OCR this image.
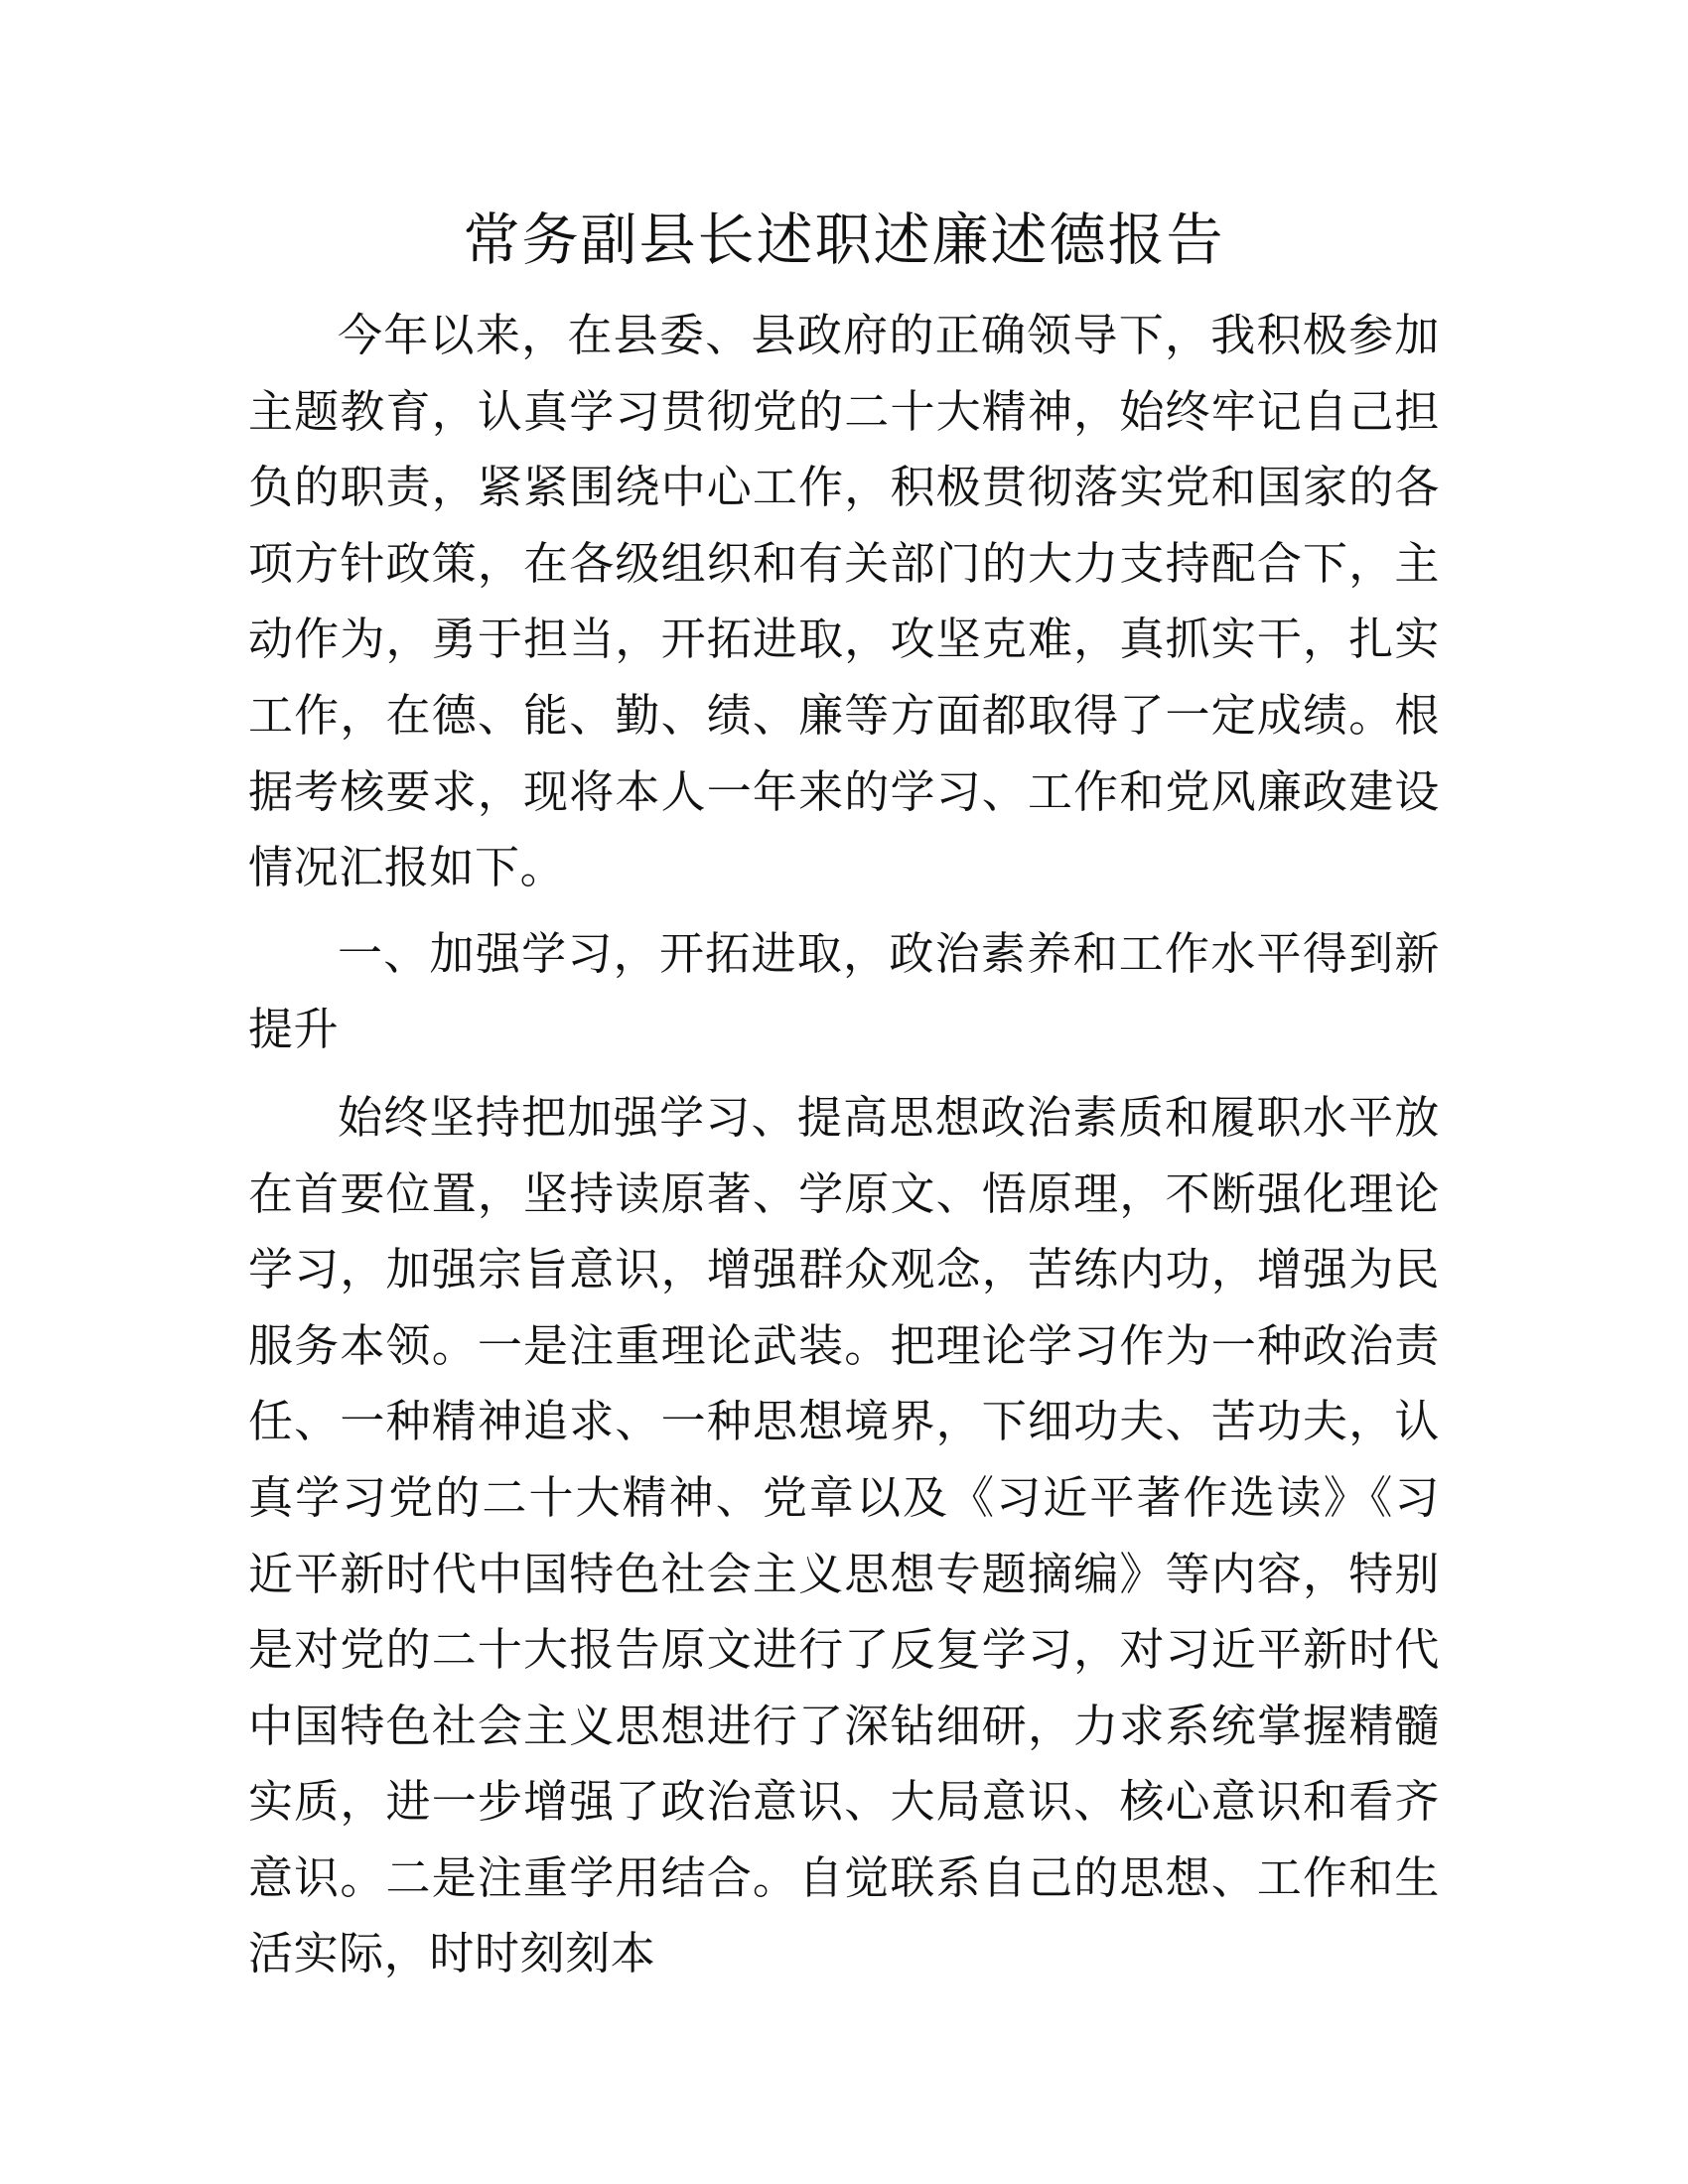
常务副县长述职述廉述德报告

今年以来，在县委、县政府的正确领导下，我积极参加主题教育，认真学习贯彻党的二十大精神，始终牢记自己担负的职责，紧紧围绕中心工作，积极贯彻落实党和国家的各项方针政策，在各级组织和有关部门的大力支持配合下，主动作为，勇于担当，开拓进取，攻坚克难，真抓实干，扎实工作，在德、能、勤、绩、廉等方面都取得了一定成绩。根据考核要求，现将本人一年来的学习、工作和党风廉政建设情况汇报如下。

一、加强学习，开拓进取，政治素养和工作水平得到新提升

始终坚持把加强学习、提高思想政治素质和履职水平放在首要位置，坚持读原著、学原文、悟原理，不断强化理论学习，加强宗旨意识，增强群众观念，苦练内功，增强为民服务本领。一是注重理论武装。把理论学习作为一种政治责任、一种精神追求、一种思想境界，下细功夫、苦功夫，认真学习党的二十大精神、党章以及《习近平著作选读》《习近平新时代中国特色社会主义思想专题摘编》等内容，特别是对党的二十大报告原文进行了反复学习，对习近平新时代中国特色社会主义思想进行了深钻细研，力求系统掌握精髓实质，进一步增强了政治意识、大局意识、核心意识和看齐意识。二是注重学用结合。自觉联系自己的思想、工作和生活实际，时时刻刻本
